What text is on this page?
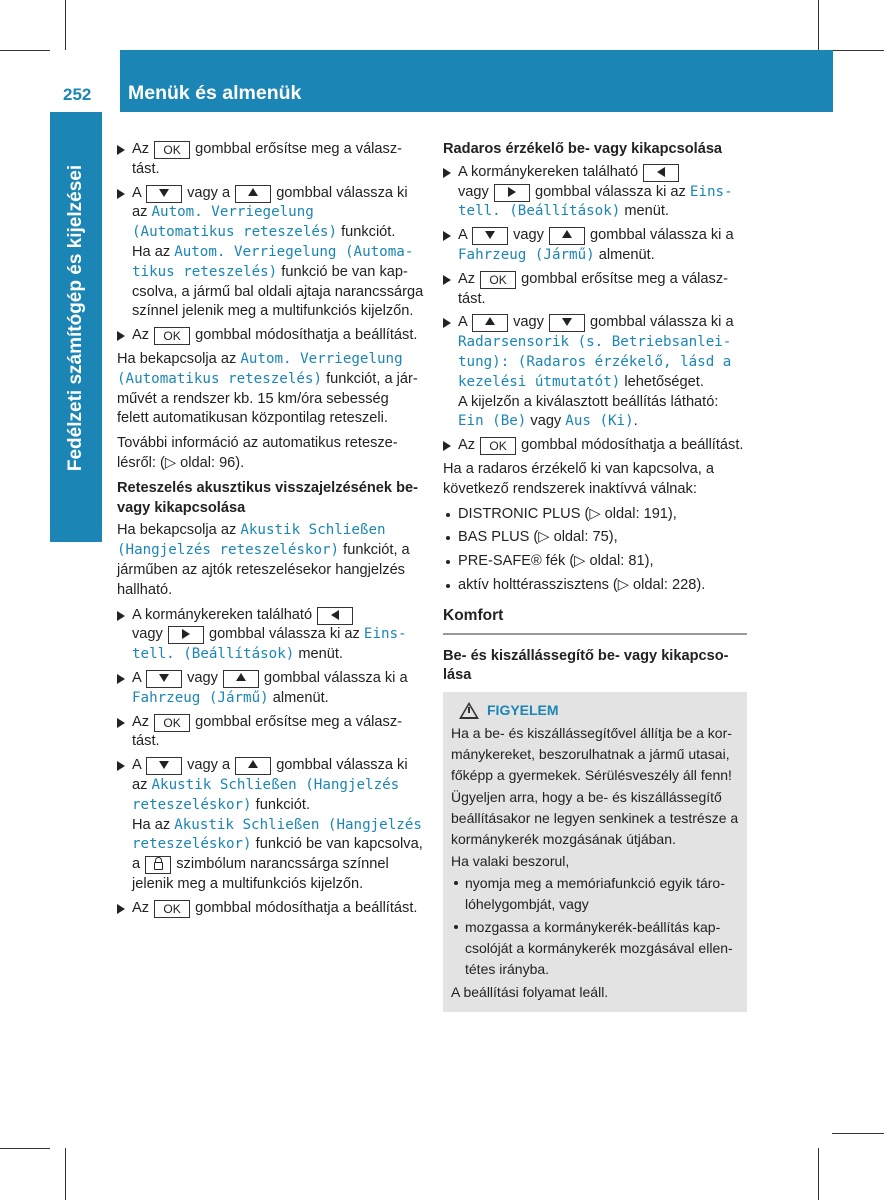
252 Menük és almenük
Fedélzeti számítógép és kijelzései
Az OK gombbal erősítse meg a választást.
A	vagy a	gombbal válassza ki az Autom. Verriegelung (Automatikus reteszelés) funkciót.
Ha az Autom. Verriegelung (Automatikus reteszelés) funkció be van kapcsolva, a jármű bal oldali ajtaja narancssárga színnel jelenik meg a multifunkciós kijelzőn.
Az OK gombbal módosíthatja a beállítást.

Ha bekapcsolja az Autom. Verriegelung (Automatikus reteszelés) funkciót, a járművét a rendszer kb. 15 km/óra sebesség felett automatikusan központilag reteszeli.

További információ az automatikus reteszelésről: (▷ oldal: 96).

Reteszelés akusztikus visszajelzésének be- vagy kikapcsolása

Ha bekapcsolja az Akustik Schließen (Hangjelzés reteszeléskor) funkciót, a járműben az ajtók reteszelésekor hangjelzés hallható.

A kormánykereken található
vagy	gombbal válassza ki az Einstell. (Beállítások) menüt.
A	vagy	gombbal válassza ki a Fahrzeug (Jármű) almenüt.
Az OK gombbal erősítse meg a választást.
A	vagy a	gombbal válassza ki az Akustik Schließen (Hangjelzés reteszeléskor) funkciót.
Ha az Akustik Schließen (Hangjelzés reteszeléskor) funkció be van kapcsolva, a szimbólum narancssárga színnel jelenik meg a multifunkciós kijelzőn.
Az OK gombbal módosíthatja a beállítást.

Radaros érzékelő be- vagy kikapcsolása

A kormánykereken található
vagy	gombbal válassza ki az Einstell. (Beállítások) menüt.
A	vagy	gombbal válassza ki a Fahrzeug (Jármű) almenüt.
Az OK gombbal erősítse meg a választást.
A	vagy	gombbal válassza ki a Radarsensorik (s. Betriebsanleitung): (Radaros érzékelő, lásd a kezelési útmutatót) lehetőséget.
A kijelzőn a kiválasztott beállítás látható: Ein (Be) vagy Aus (Ki).
Az OK gombbal módosíthatja a beállítást.

Ha a radaros érzékelő ki van kapcsolva, a következő rendszerek inaktívvá válnak:

DISTRONIC PLUS (▷ oldal: 191),
BAS PLUS (▷ oldal: 75),
PRE-SAFE® fék (▷ oldal: 81),
aktív holttérasszisztens (▷ oldal: 228).
Komfort

Be- és kiszállássegítő be- vagy kikapcsolása

FIGYELEM

Ha a be- és kiszállássegítővel állítja be a kormánykereket, beszorulhatnak a jármű utasai, főképp a gyermekek. Sérülésveszély áll fenn!

Ügyeljen arra, hogy a be- és kiszállássegítő beállításakor ne legyen senkinek a testrésze a kormánykerék mozgásának útjában.

Ha valaki beszorul,

nyomja meg a memóriafunkció egyik tárolóhelygombját, vagy
mozgassa a kormánykerék-beállítás kapcsolóját a kormánykerék mozgásával ellentétes irányba.

A beállítási folyamat leáll.
